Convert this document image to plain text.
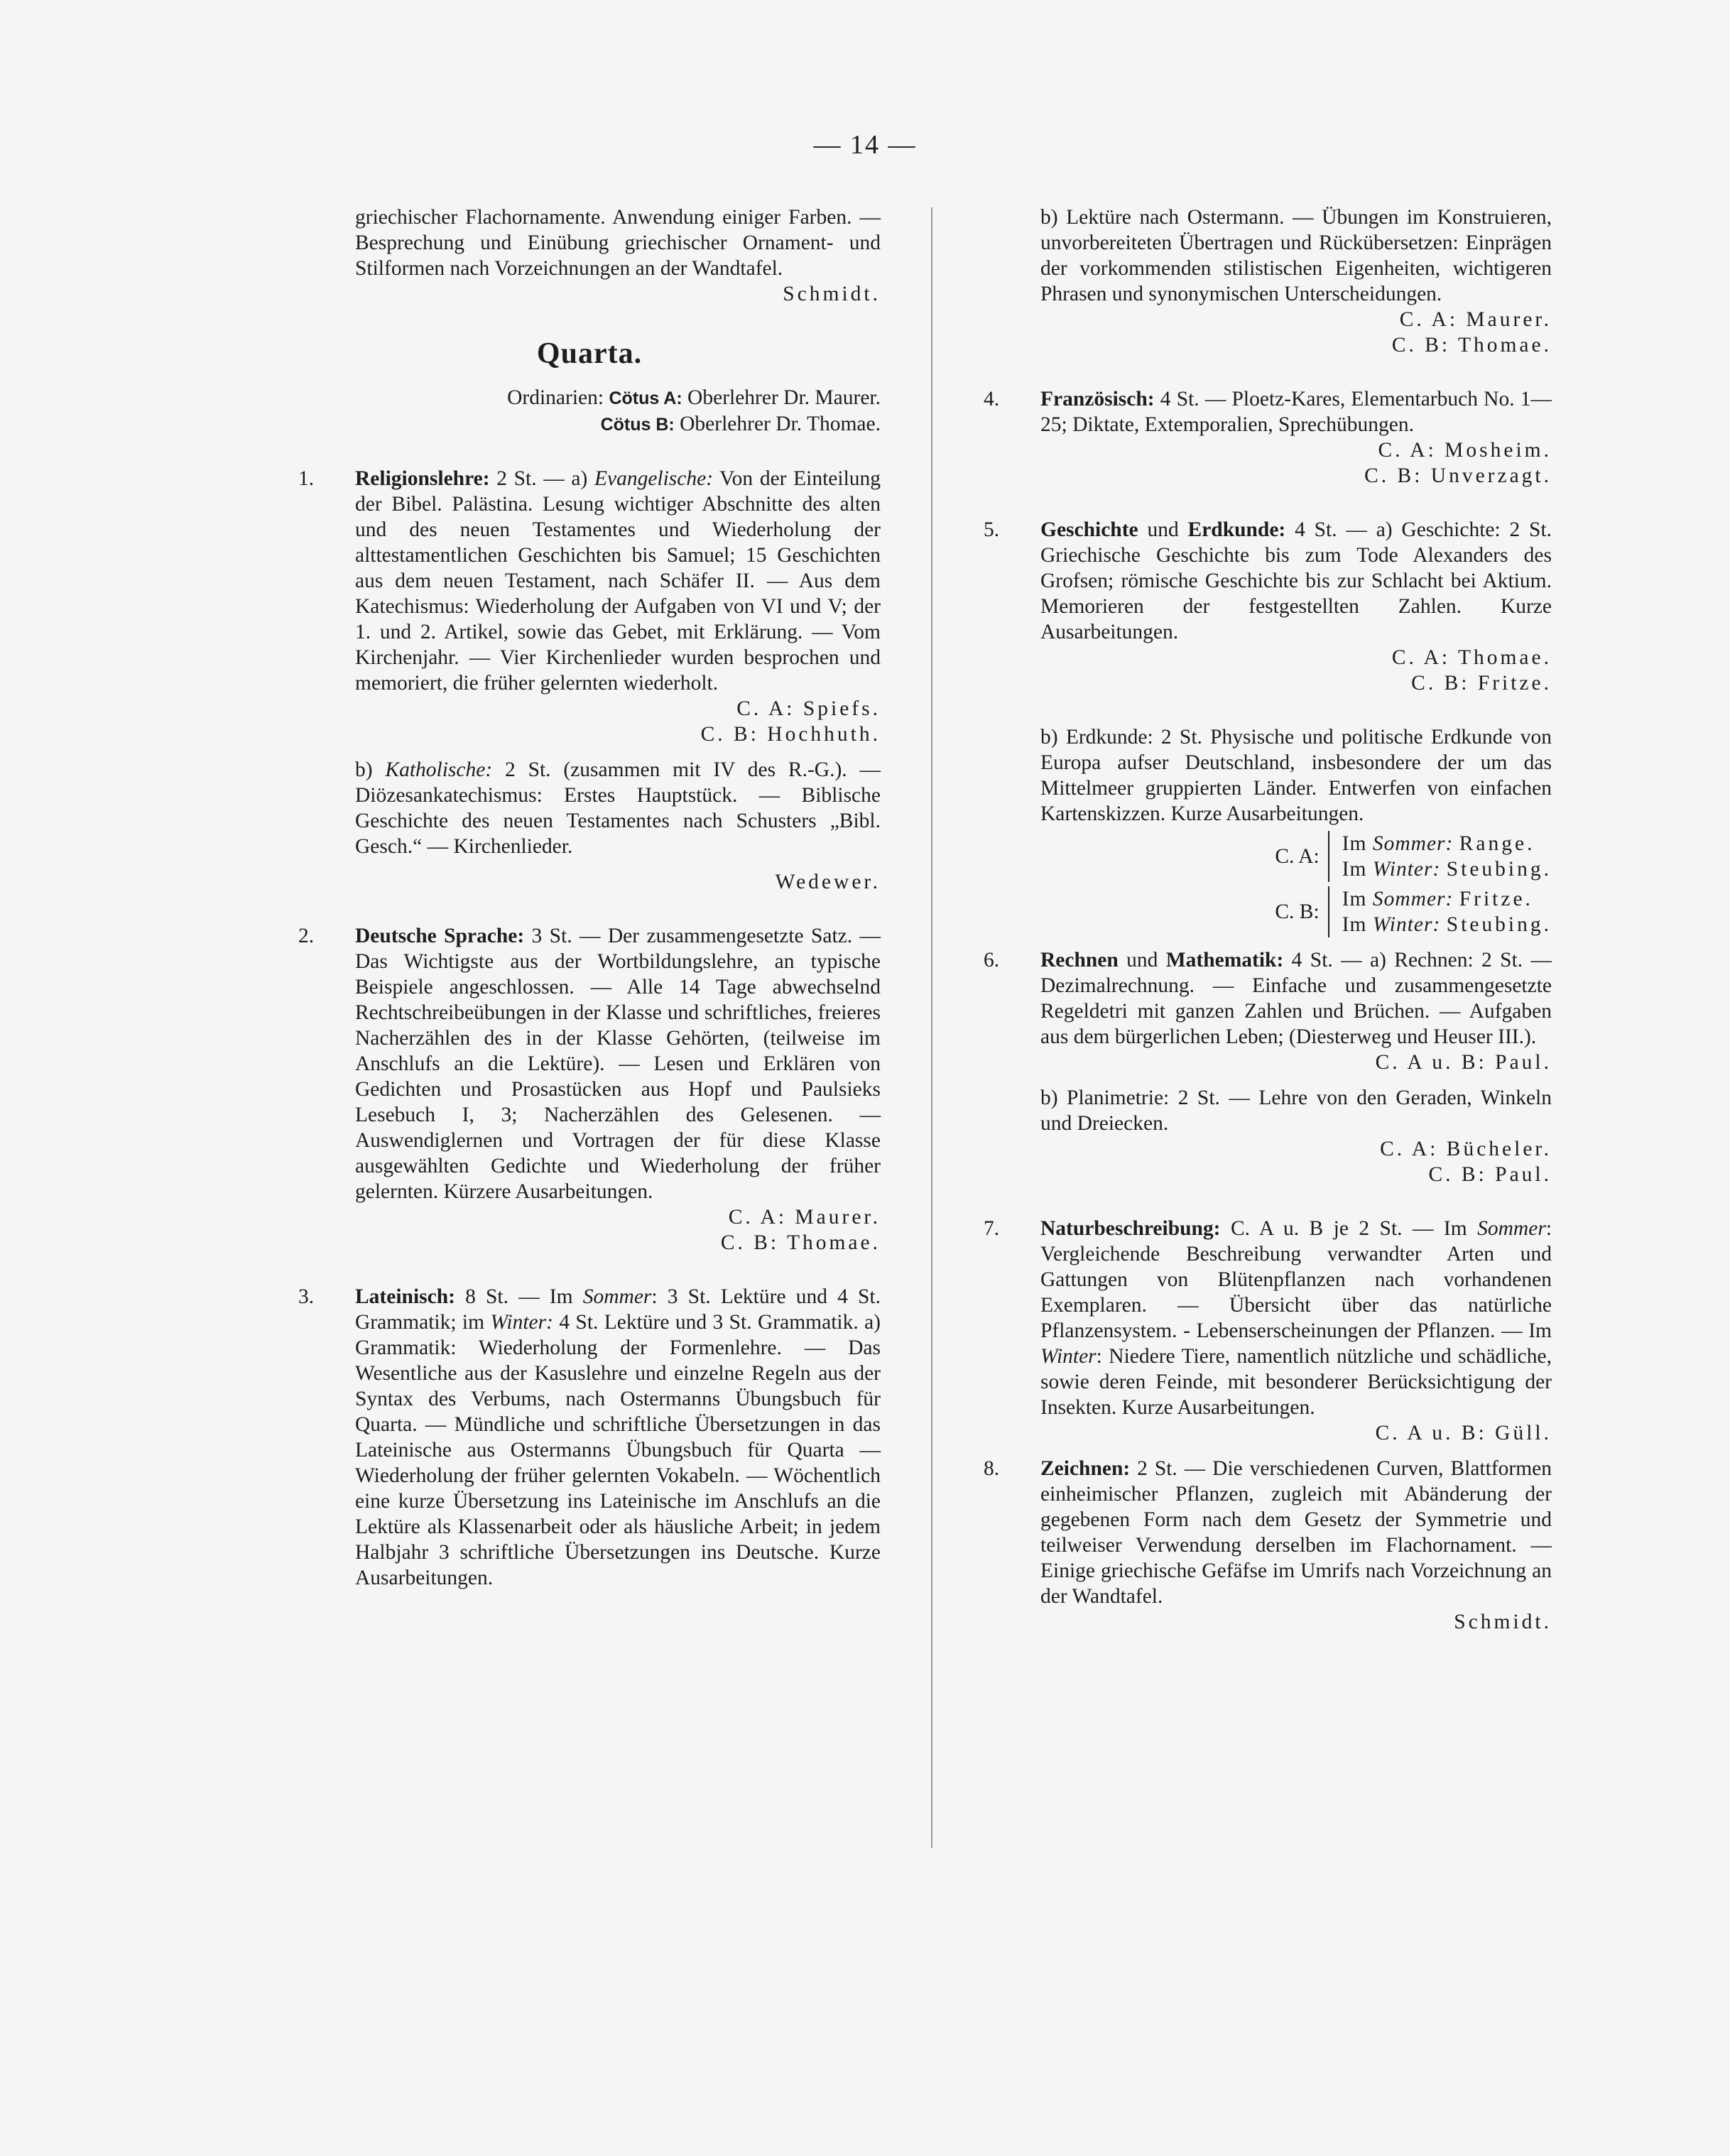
— 14 —

griechischer Flachornamente. Anwendung einiger Farben. — Besprechung und Einübung griechischer Ornament- und Stilformen nach Vorzeichnungen an der Wandtafel.

Schmidt.

Quarta.

Ordinarien: Cötus A: Oberlehrer Dr. Maurer.

Cötus B: Oberlehrer Dr. Thomae.

1. Religionslehre: 2 St. — a) Evangelische: Von der Einteilung der Bibel. Palästina. Lesung wichtiger Abschnitte des alten und des neuen Testamentes und Wiederholung der alttestamentlichen Geschichten bis Samuel; 15 Geschichten aus dem neuen Testament, nach Schäfer II. — Aus dem Katechismus: Wiederholung der Aufgaben von VI und V; der 1. und 2. Artikel, sowie das Gebet, mit Erklärung. — Vom Kirchenjahr. — Vier Kirchenlieder wurden besprochen und memoriert, die früher gelernten wiederholt.

C. A: Spiefs.

C. B: Hochhuth.

b) Katholische: 2 St. (zusammen mit IV des R.-G.). — Diözesankatechismus: Erstes Hauptstück. — Biblische Geschichte des neuen Testamentes nach Schusters „Bibl. Gesch.“ — Kirchenlieder.

Wedewer.

2. Deutsche Sprache: 3 St. — Der zusammengesetzte Satz. — Das Wichtigste aus der Wortbildungslehre, an typische Beispiele angeschlossen. — Alle 14 Tage abwechselnd Rechtschreibeübungen in der Klasse und schriftliches, freieres Nacherzählen des in der Klasse Gehörten, (teilweise im Anschlufs an die Lektüre). — Lesen und Erklären von Gedichten und Prosastücken aus Hopf und Paulsieks Lesebuch I, 3; Nacherzählen des Gelesenen. — Auswendiglernen und Vortragen der für diese Klasse ausgewählten Gedichte und Wiederholung der früher gelernten. Kürzere Ausarbeitungen.

C. A: Maurer.

C. B: Thomae.

3. Lateinisch: 8 St. — Im Sommer: 3 St. Lektüre und 4 St. Grammatik; im Winter: 4 St. Lektüre und 3 St. Grammatik. a) Grammatik: Wiederholung der Formenlehre. — Das Wesentliche aus der Kasuslehre und einzelne Regeln aus der Syntax des Verbums, nach Ostermanns Übungsbuch für Quarta. — Mündliche und schriftliche Übersetzungen in das Lateinische aus Ostermanns Übungsbuch für Quarta — Wiederholung der früher gelernten Vokabeln. — Wöchentlich eine kurze Übersetzung ins Lateinische im Anschlufs an die Lektüre als Klassenarbeit oder als häusliche Arbeit; in jedem Halbjahr 3 schriftliche Übersetzungen ins Deutsche. Kurze Ausarbeitungen.

b) Lektüre nach Ostermann. — Übungen im Konstruieren, unvorbereiteten Übertragen und Rückübersetzen: Einprägen der vorkommenden stilistischen Eigenheiten, wichtigeren Phrasen und synonymischen Unterscheidungen.

C. A: Maurer.

C. B: Thomae.

4. Französisch: 4 St. — Ploetz-Kares, Elementarbuch No. 1—25; Diktate, Extemporalien, Sprechübungen.

C. A: Mosheim.

C. B: Unverzagt.

5. Geschichte und Erdkunde: 4 St. — a) Geschichte: 2 St. Griechische Geschichte bis zum Tode Alexanders des Grofsen; römische Geschichte bis zur Schlacht bei Aktium. Memorieren der festgestellten Zahlen. Kurze Ausarbeitungen.

C. A: Thomae.

C. B: Fritze.

b) Erdkunde: 2 St. Physische und politische Erdkunde von Europa aufser Deutschland, insbesondere der um das Mittelmeer gruppierten Länder. Entwerfen von einfachen Kartenskizzen. Kurze Ausarbeitungen.

C. A:
Im Sommer: Range.
Im Winter: Steubing.
C. B:
Im Sommer: Fritze.
Im Winter: Steubing.

6. Rechnen und Mathematik: 4 St. — a) Rechnen: 2 St. — Dezimalrechnung. — Einfache und zusammengesetzte Regeldetri mit ganzen Zahlen und Brüchen. — Aufgaben aus dem bürgerlichen Leben; (Diesterweg und Heuser III.).

C. A u. B: Paul.

b) Planimetrie: 2 St. — Lehre von den Geraden, Winkeln und Dreiecken.

C. A: Bücheler.

C. B: Paul.

7. Naturbeschreibung: C. A u. B je 2 St. — Im Sommer: Vergleichende Beschreibung verwandter Arten und Gattungen von Blütenpflanzen nach vorhandenen Exemplaren. — Übersicht über das natürliche Pflanzensystem. - Lebenserscheinungen der Pflanzen. — Im Winter: Niedere Tiere, namentlich nützliche und schädliche, sowie deren Feinde, mit besonderer Berücksichtigung der Insekten. Kurze Ausarbeitungen.

C. A u. B: Güll.

8. Zeichnen: 2 St. — Die verschiedenen Curven, Blattformen einheimischer Pflanzen, zugleich mit Abänderung der gegebenen Form nach dem Gesetz der Symmetrie und teilweiser Verwendung derselben im Flachornament. — Einige griechische Gefäfse im Umrifs nach Vorzeichnung an der Wandtafel.

Schmidt.
